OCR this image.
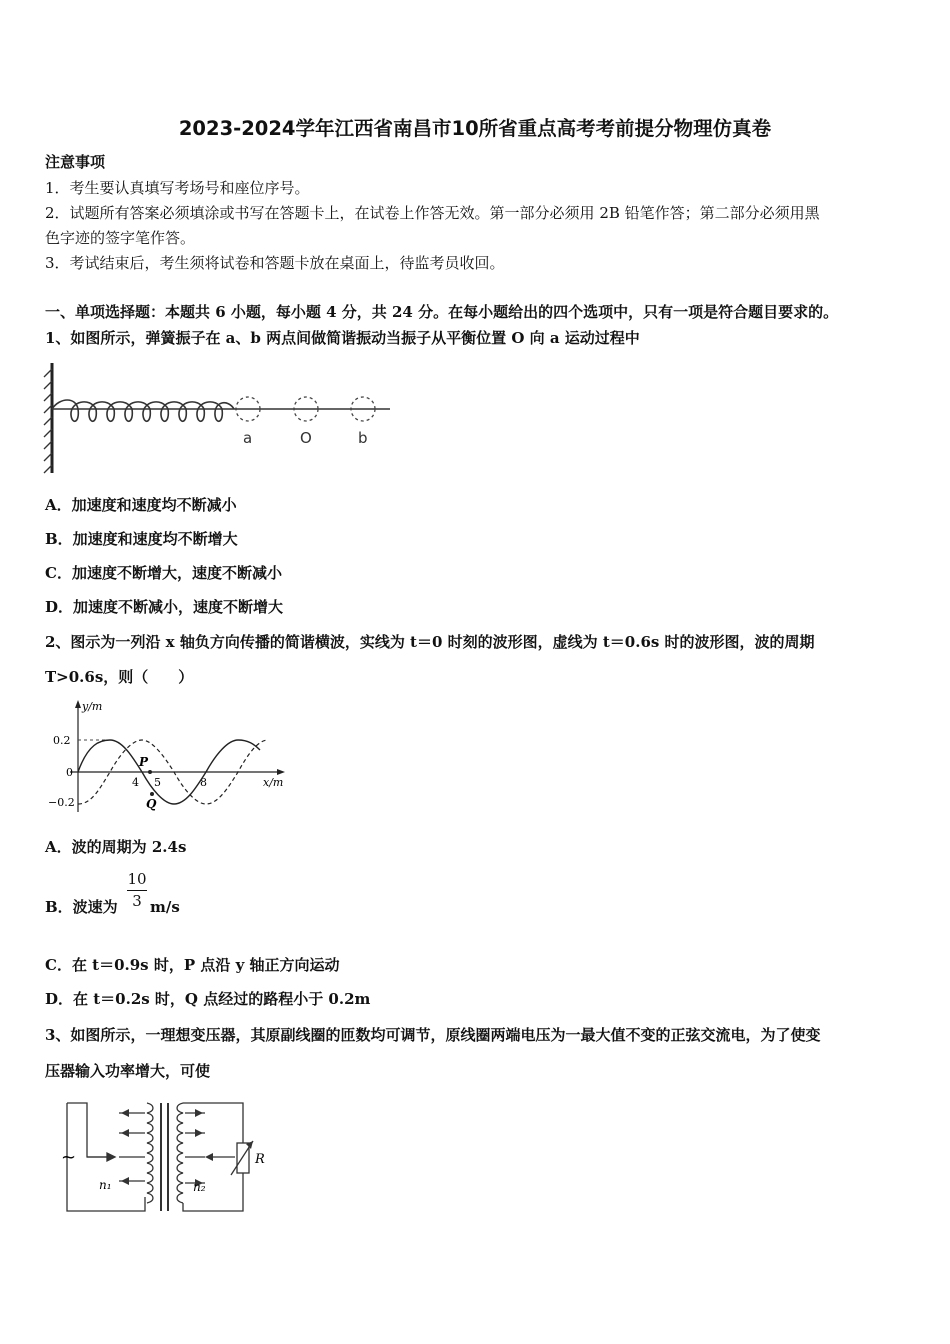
2023-2024学年江西省南昌市10所省重点高考考前提分物理仿真卷
注意事项
1．考生要认真填写考场号和座位序号。
2．试题所有答案必须填涂或书写在答题卡上，在试卷上作答无效。第一部分必须用 2B 铅笔作答；第二部分必须用黑
色字迹的签字笔作答。
3．考试结束后，考生须将试卷和答题卡放在桌面上，待监考员收回。
一、单项选择题：本题共 6 小题，每小题 4 分，共 24 分。在每小题给出的四个选项中，只有一项是符合题目要求的。
1、如图所示，弹簧振子在 a、b 两点间做简谐振动当振子从平衡位置 O 向 a 运动过程中
a	O	b
A．加速度和速度均不断减小
B．加速度和速度均不断增大
C．加速度不断增大，速度不断减小
D．加速度不断减小，速度不断增大
2、图示为一列沿 x 轴负方向传播的简谐横波，实线为 t＝0 时刻的波形图，虚线为 t＝0.6s 时的波形图，波的周期
T>0.6s，则（　　）
y/m
x/m
0.2
0
−0.2
4 5	8
P
Q
A．波的周期为 2.4s
B．波速为
10
3 m/s
C．在 t＝0.9s 时，P 点沿 y 轴正方向运动
D．在 t＝0.2s 时，Q 点经过的路程小于 0.2m
3、如图所示，一理想变压器，其原副线圈的匝数均可调节，原线圈两端电压为一最大值不变的正弦交流电，为了使变
压器输入功率增大，可使
~
n₁	n₂
R
